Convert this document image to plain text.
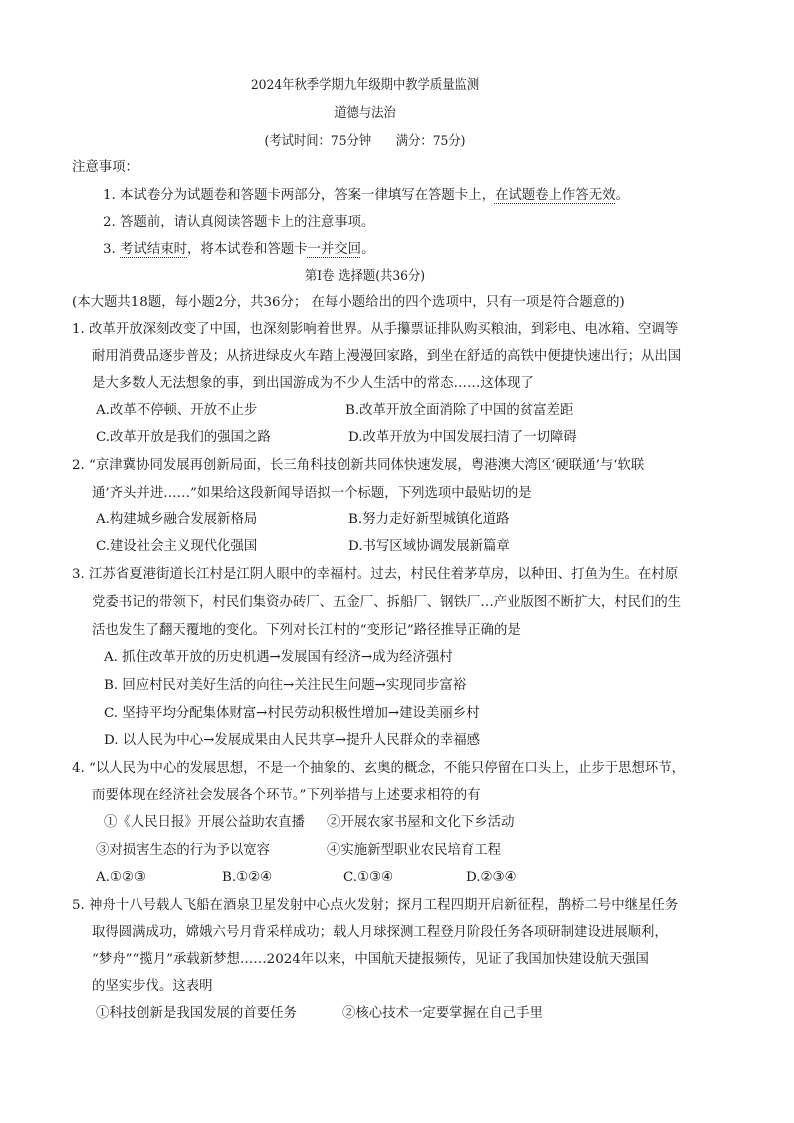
2024年秋季学期九年级期中教学质量监测
道德与法治
(考试时间：75分钟　　满分：75分)
注意事项：
1. 本试卷分为试题卷和答题卡两部分，答案一律填写在答题卡上，在试题卷上作答无效。
2. 答题前，请认真阅读答题卡上的注意事项。
3. 考试结束时，将本试卷和答题卡一并交回。
第Ⅰ卷 选择题(共36分)
(本大题共18题，每小题2分，共36分； 在每小题给出的四个选项中，只有一项是符合题意的)
1. 改革开放深刻改变了中国，也深刻影响着世界。从手攥票证排队购买粮油，到彩电、电冰箱、空调等
耐用消费品逐步普及；从挤进绿皮火车踏上漫漫回家路，到坐在舒适的高铁中便捷快速出行；从出国
是大多数人无法想象的事，到出国游成为不少人生活中的常态……这体现了
A.改革不停顿、开放不止步	B.改革开放全面消除了中国的贫富差距
C.改革开放是我们的强国之路	D.改革开放为中国发展扫清了一切障碍
2. “京津冀协同发展再创新局面，长三角科技创新共同体快速发展，粤港澳大湾区‘硬联通’与‘软联
通’齐头并进……”如果给这段新闻导语拟一个标题，下列选项中最贴切的是
A.构建城乡融合发展新格局	B.努力走好新型城镇化道路
C.建设社会主义现代化强国	D.书写区域协调发展新篇章
3. 江苏省夏港街道长江村是江阴人眼中的幸福村。过去，村民住着茅草房，以种田、打鱼为生。在村原
党委书记的带领下，村民们集资办砖厂、五金厂、拆船厂、钢铁厂…产业版图不断扩大，村民们的生
活也发生了翻天覆地的变化。下列对长江村的“变形记”路径推导正确的是
A. 抓住改革开放的历史机遇→发展国有经济→成为经济强村
B. 回应村民对美好生活的向往→关注民生问题→实现同步富裕
C. 坚持平均分配集体财富→村民劳动积极性增加→建设美丽乡村
D. 以人民为中心→发展成果由人民共享→提升人民群众的幸福感
4. “以人民为中心的发展思想，不是一个抽象的、玄奥的概念，不能只停留在口头上，止步于思想环节，
而要体现在经济社会发展各个环节。”下列举措与上述要求相符的有
①《人民日报》开展公益助农直播 ②开展农家书屋和文化下乡活动
③对损害生态的行为予以宽容	④实施新型职业农民培育工程
A.①②③	B.①②④	C.①③④	D.②③④
5. 神舟十八号载人飞船在酒泉卫星发射中心点火发射；探月工程四期开启新征程，鹊桥二号中继星任务
取得圆满成功，嫦娥六号月背采样成功；载人月球探测工程登月阶段任务各项研制建设进展顺利，
“梦舟”“揽月”承载新梦想……2024年以来，中国航天捷报频传，见证了我国加快建设航天强国
的坚实步伐。这表明
①科技创新是我国发展的首要任务	②核心技术一定要掌握在自己手里
